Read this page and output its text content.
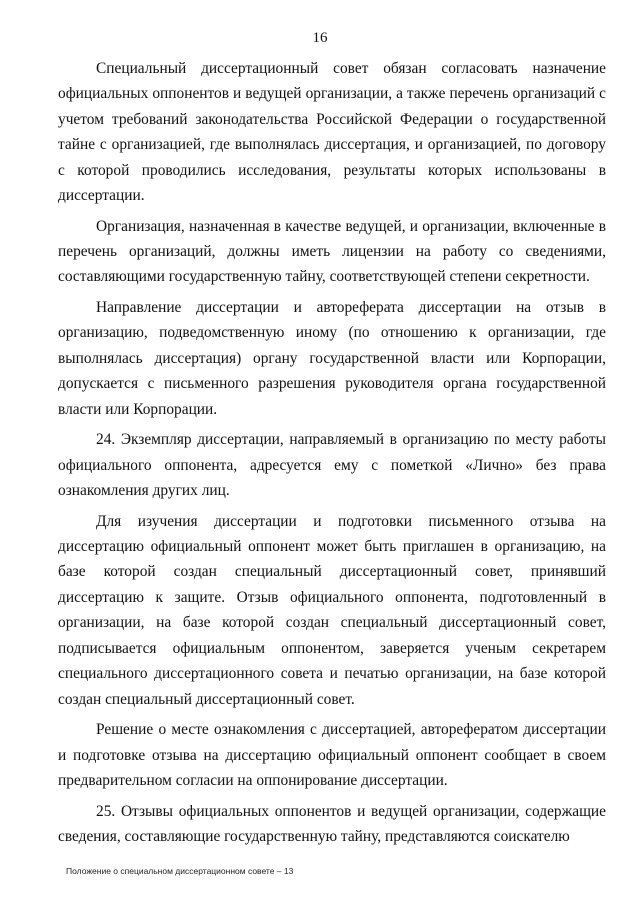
16

Специальный диссертационный совет обязан согласовать назначение официальных оппонентов и ведущей организации, а также перечень организаций с учетом требований законодательства Российской Федерации о государственной тайне с организацией, где выполнялась диссертация, и организацией, по договору с которой проводились исследования, результаты которых использованы в диссертации.

Организация, назначенная в качестве ведущей, и организации, включенные в перечень организаций, должны иметь лицензии на работу со сведениями, составляющими государственную тайну, соответствующей степени секретности.

Направление диссертации и автореферата диссертации на отзыв в организацию, подведомственную иному (по отношению к организации, где выполнялась диссертация) органу государственной власти или Корпорации, допускается с письменного разрешения руководителя органа государственной власти или Корпорации.

24. Экземпляр диссертации, направляемый в организацию по месту работы официального оппонента, адресуется ему с пометкой «Лично» без права ознакомления других лиц.

Для изучения диссертации и подготовки письменного отзыва на диссертацию официальный оппонент может быть приглашен в организацию, на базе которой создан специальный диссертационный совет, принявший диссертацию к защите. Отзыв официального оппонента, подготовленный в организации, на базе которой создан специальный диссертационный совет, подписывается официальным оппонентом, заверяется ученым секретарем специального диссертационного совета и печатью организации, на базе которой создан специальный диссертационный совет.

Решение о месте ознакомления с диссертацией, авторефератом диссертации и подготовке отзыва на диссертацию официальный оппонент сообщает в своем предварительном согласии на оппонирование диссертации.

25. Отзывы официальных оппонентов и ведущей организации, содержащие сведения, составляющие государственную тайну, представляются соискателю

Положение о специальном диссертационном совете – 13
